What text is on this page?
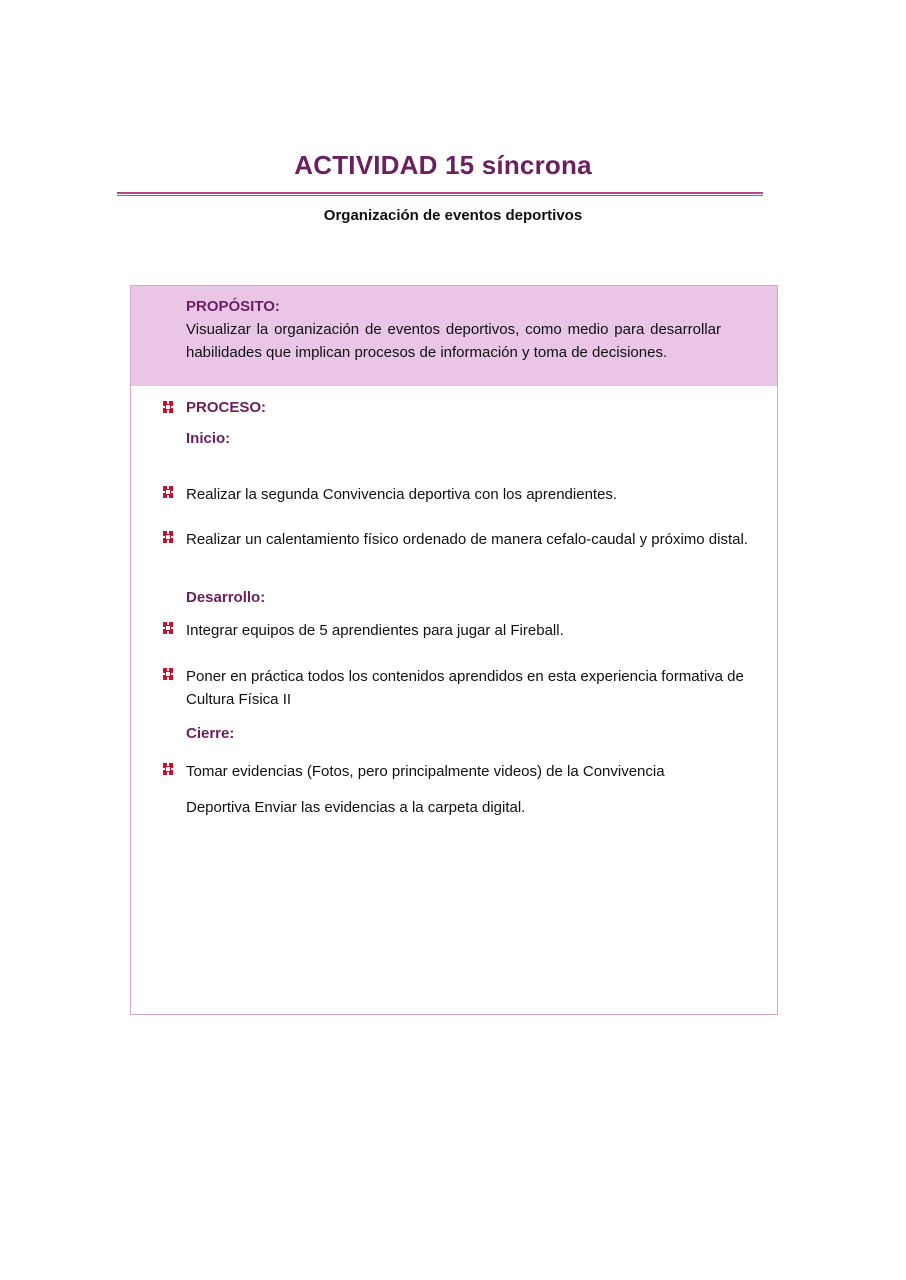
ACTIVIDAD 15 síncrona

Organización de eventos deportivos

PROPÓSITO:
Visualizar la organización de eventos deportivos, como medio para desarrollar habilidades que implican procesos de información y toma de decisiones.
PROCESO:
Inicio:
Realizar la segunda Convivencia deportiva con los aprendientes.
Realizar un calentamiento físico ordenado de manera cefalo-caudal y próximo distal.
Desarrollo:
Integrar equipos de 5 aprendientes para jugar al Fireball.
Poner en práctica todos los contenidos aprendidos en esta experiencia formativa de Cultura Física II
Cierre:
Tomar evidencias (Fotos, pero principalmente videos) de la Convivencia
Deportiva Enviar las evidencias a la carpeta digital.
